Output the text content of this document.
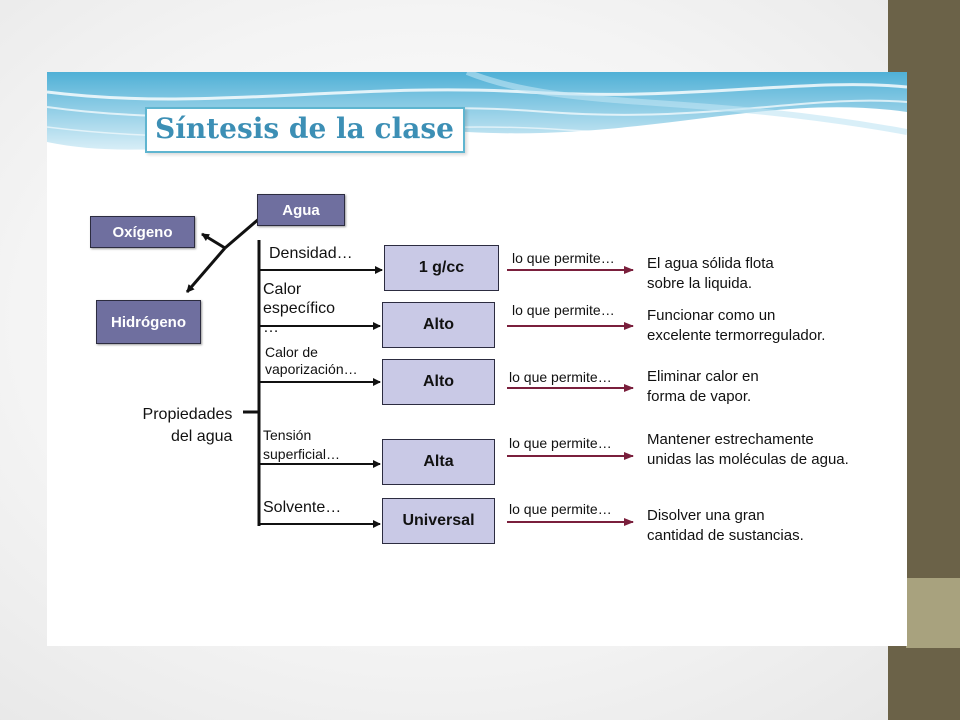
Síntesis de la clase
Agua
Oxígeno
Hidrógeno
Propiedades
del agua
Densidad…
Calor
específico
…
Calor de
vaporización…
Tensión
superficial…
Solvente…
1 g/cc
Alto
Alto
Alta
Universal
lo que permite…
lo que permite…
lo que permite…
lo que permite…
lo que permite…
El agua sólida flota
sobre la liquida.
Funcionar como un
excelente termorregulador.
Eliminar calor en
forma de vapor.
Mantener estrechamente
unidas las moléculas de agua.
Disolver una gran
cantidad de sustancias.
